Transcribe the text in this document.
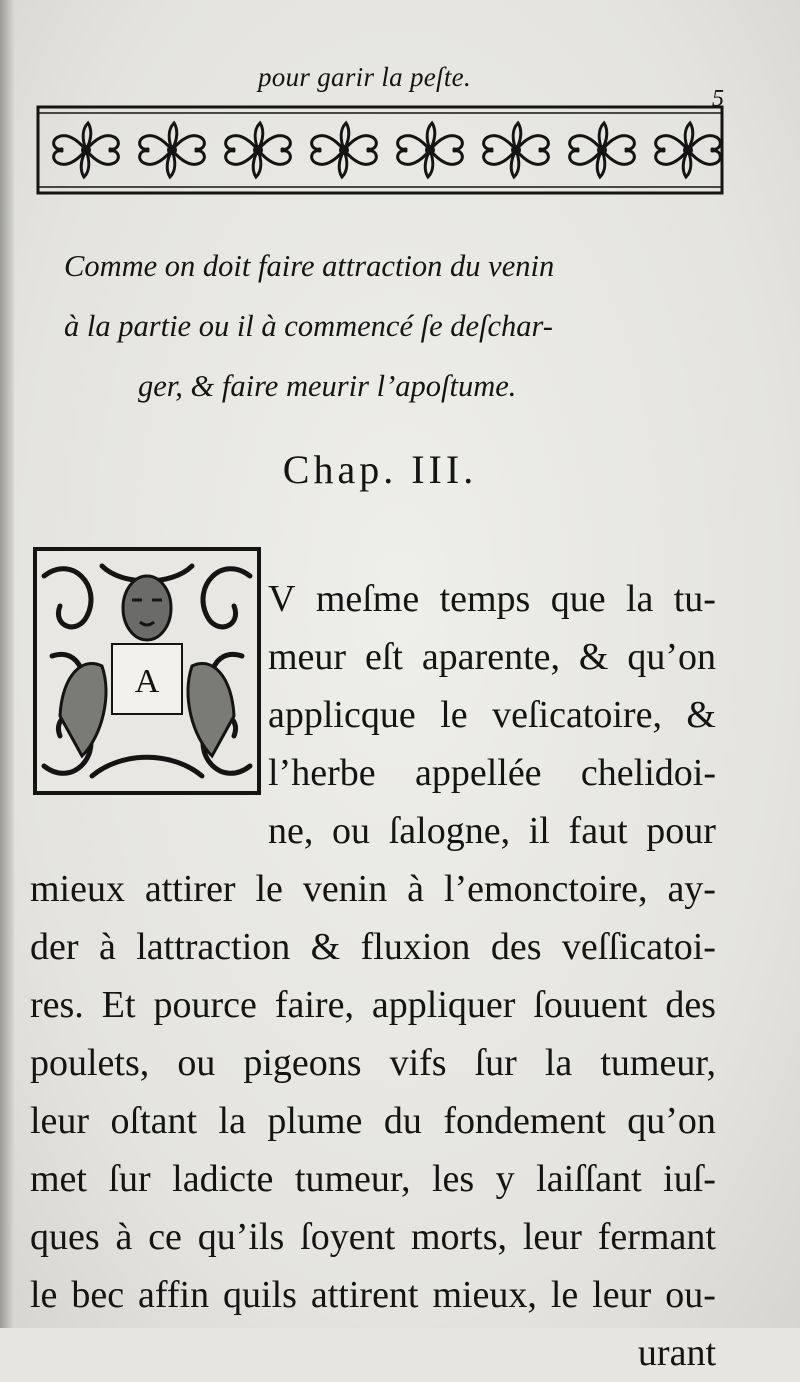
pour garir la peſte.
5
Comme on doit faire attraction du venin
à la partie ou il à commencé ſe deſchar-
ger, & faire meurir l’apoſtume.
Chap. III.
A
V meſme temps que la tu-
meur eſt aparente, & qu’on
applicque le veſicatoire, &
l’herbe appellée chelidoi-
ne, ou ſalogne, il faut pour
mieux attirer le venin à l’emonctoire, ay-
der à lattraction & fluxion des veſſicatoi-
res. Et pource faire, appliquer ſouuent des
poulets, ou pigeons vifs ſur la tumeur,
leur oſtant la plume du fondement qu’on
met ſur ladicte tumeur, les y laiſſant iuſ-
ques à ce qu’ils ſoyent morts, leur fermant
le bec affin quils attirent mieux, le leur ou-
urant
